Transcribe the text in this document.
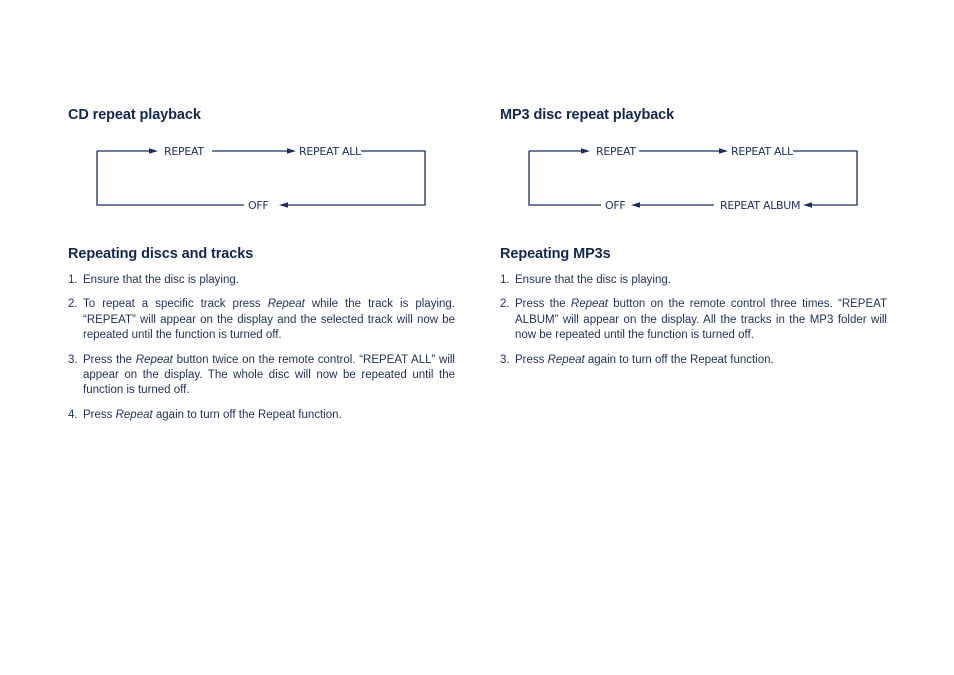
CD repeat playback
REPEAT	REPEAT ALL
OFF
Repeating discs and tracks
1. Ensure that the disc is playing.
2. To repeat a specific track press Repeat while the track is playing. “REPEAT” will appear on the display and the selected track will now be repeated until the function is turned off.
3. Press the Repeat button twice on the remote control. “REPEAT ALL” will appear on the display. The whole disc will now be repeated until the function is turned off.
4. Press Repeat again to turn off the Repeat function.
MP3 disc repeat playback
REPEAT	REPEAT ALL
OFF	REPEAT ALBUM
Repeating MP3s
1. Ensure that the disc is playing.
2. Press the Repeat button on the remote control three times. “REPEAT ALBUM” will appear on the display. All the tracks in the MP3 folder will now be repeated until the function is turned off.
3. Press Repeat again to turn off the Repeat function.
